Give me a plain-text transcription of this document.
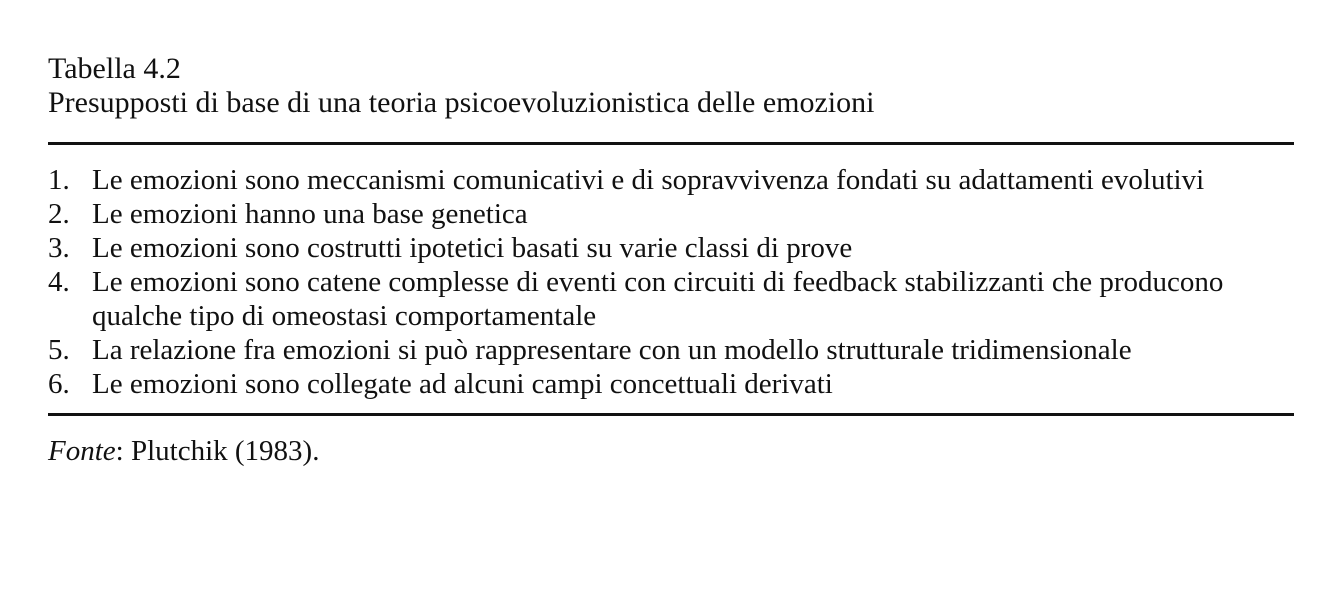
Tabella 4.2

Presupposti di base di una teoria psicoevoluzionistica delle emozioni

1. Le emozioni sono meccanismi comunicativi e di sopravvivenza fondati su adattamenti evolutivi
2. Le emozioni hanno una base genetica
3. Le emozioni sono costrutti ipotetici basati su varie classi di prove
4. Le emozioni sono catene complesse di eventi con circuiti di feedback stabilizzanti che producono qualche tipo di omeostasi comportamentale
5. La relazione fra emozioni si può rappresentare con un modello strutturale tridimensionale
6. Le emozioni sono collegate ad alcuni campi concettuali derivati
Fonte: Plutchik (1983).
